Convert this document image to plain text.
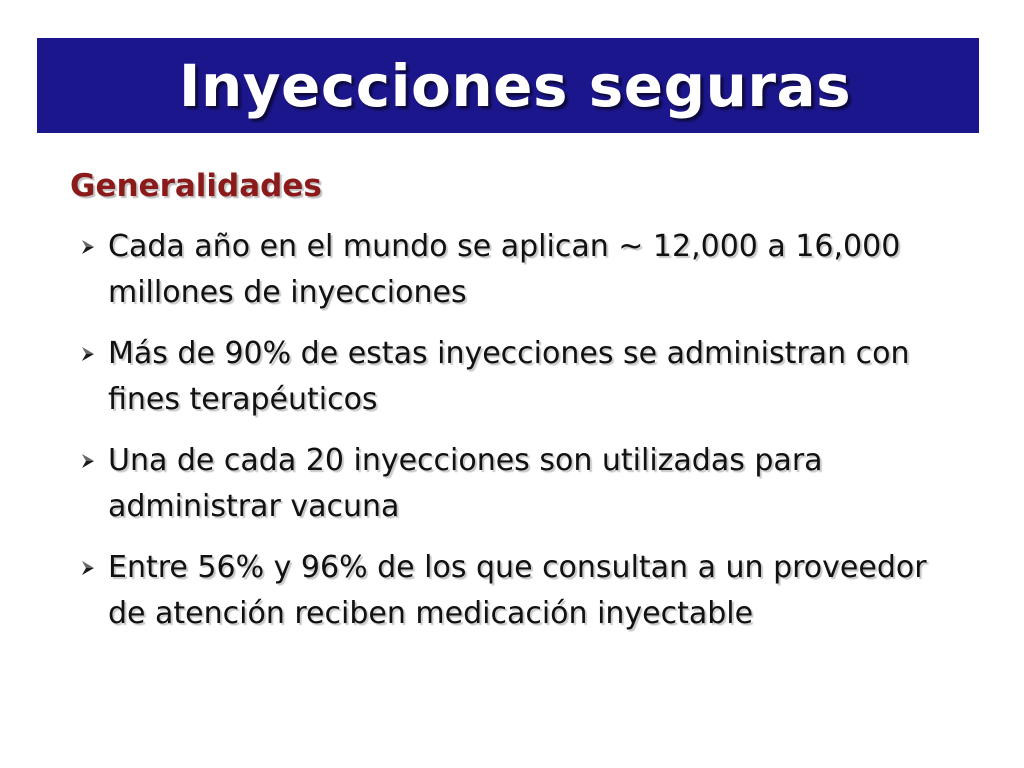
Inyecciones seguras
Generalidades
Cada año en el mundo se aplican ~ 12,000 a 16,000 millones de inyecciones
Más de 90% de estas inyecciones se administran con fines terapéuticos
Una de cada 20 inyecciones son utilizadas para administrar vacuna
Entre 56% y 96% de los que consultan a un proveedor de atención reciben medicación inyectable
